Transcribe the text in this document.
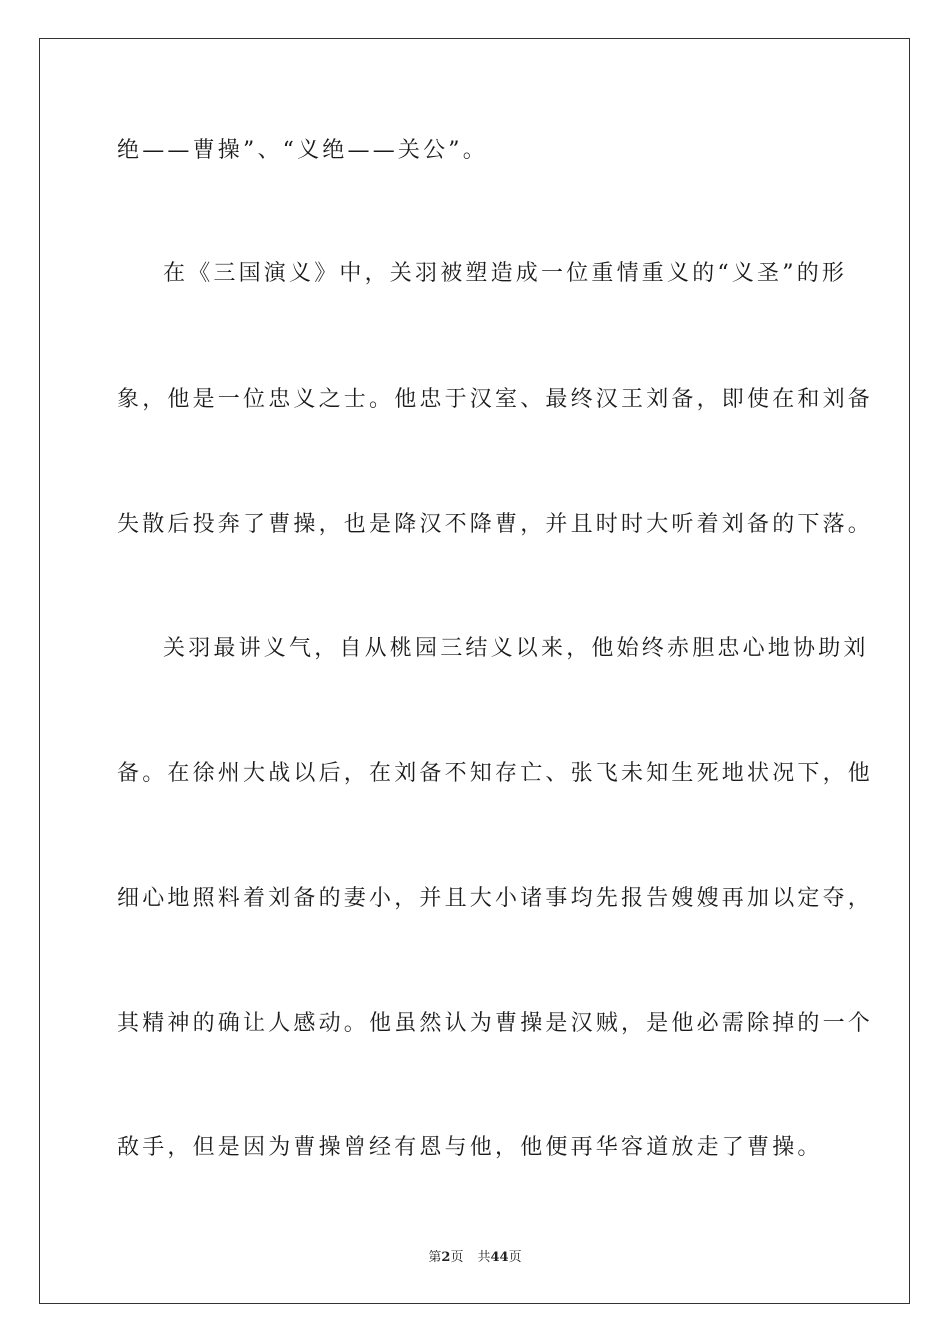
绝——曹操”、“义绝——关公”。
在《三国演义》中，关羽被塑造成一位重情重义的“义圣”的形
象，他是一位忠义之士。他忠于汉室、最终汉王刘备，即使在和刘备
失散后投奔了曹操，也是降汉不降曹，并且时时大听着刘备的下落。
关羽最讲义气，自从桃园三结义以来，他始终赤胆忠心地协助刘
备。在徐州大战以后，在刘备不知存亡、张飞未知生死地状况下，他
细心地照料着刘备的妻小，并且大小诸事均先报告嫂嫂再加以定夺，
其精神的确让人感动。他虽然认为曹操是汉贼，是他必需除掉的一个
敌手，但是因为曹操曾经有恩与他，他便再华容道放走了曹操。
第2页 共44页
